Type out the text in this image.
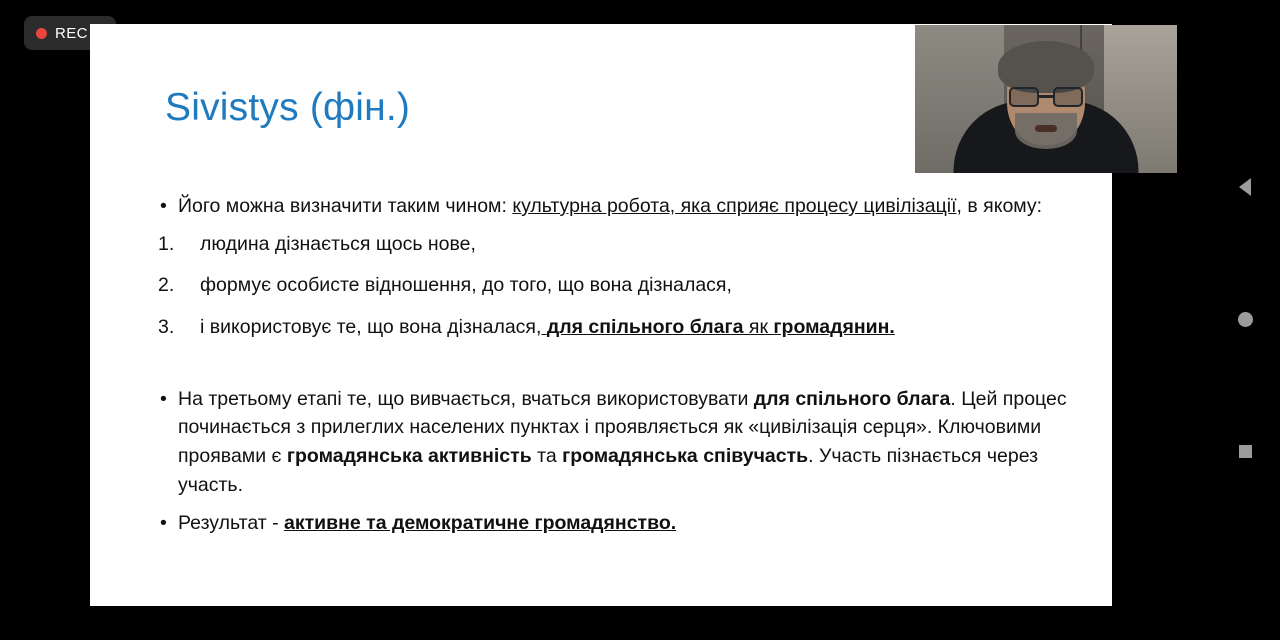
REC
Sivistys (фін.)

• Його можна визначити таким чином: культурна робота, яка сприяє процесу цивілізації, в якому:

1.	людина дізнається щось нове,
2.	формує особисте відношення, до того, що вона дізналася,
3.	і використовує те, що вона дізналася, для спільного блага як громадянин.

• На третьому етапі те, що вивчається, вчаться використовувати для спільного блага. Цей процес починається з прилеглих населених пунктах і проявляється як «цивілізація серця». Ключовими проявами є громадянська активність та громадянська співучасть. Участь пізнається через участь.

• Результат - активне та демократичне громадянство.
